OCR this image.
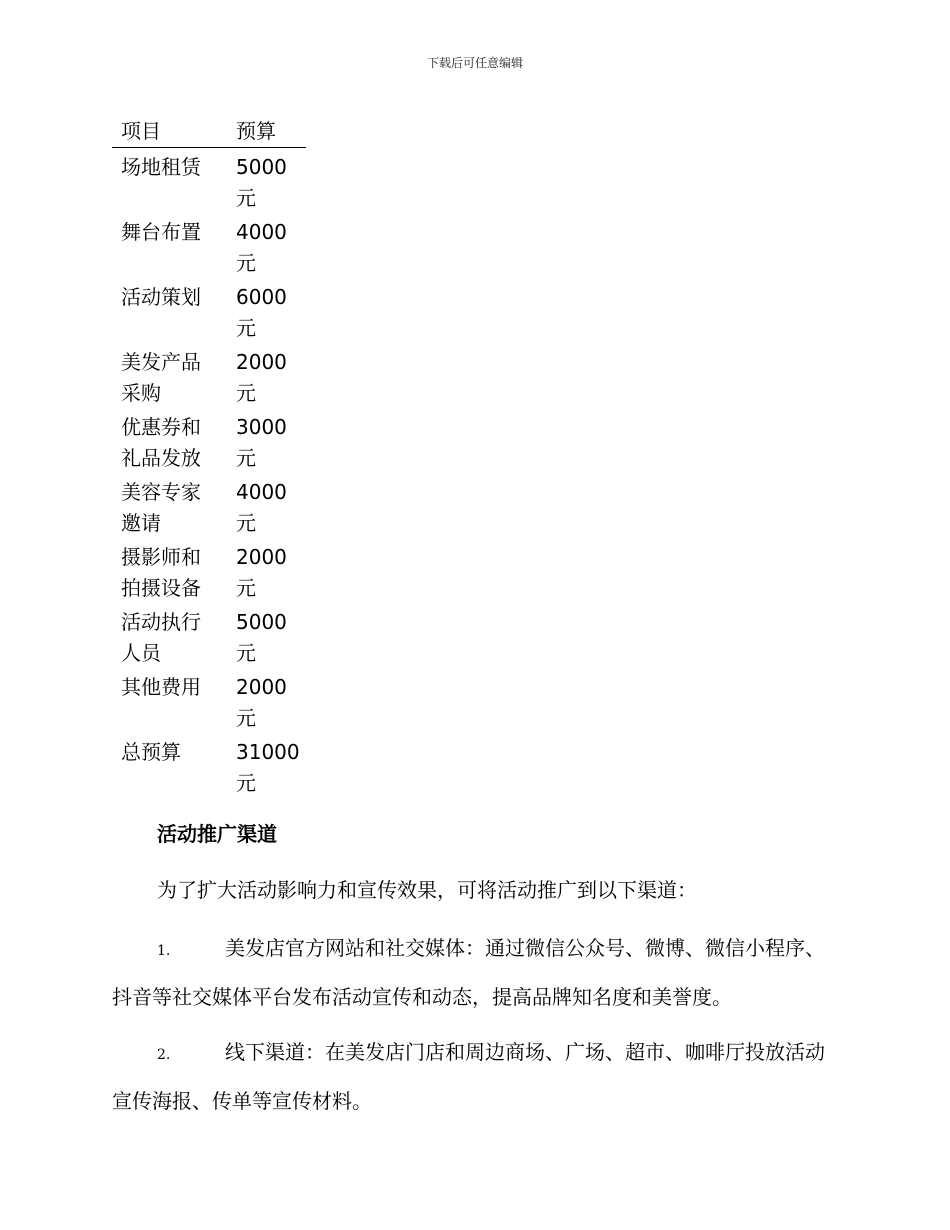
下载后可任意编辑
项目	预算

场地租赁	5000元

舞台布置	4000元

活动策划	6000元

美发产品采购	2000元

优惠券和礼品发放	3000元

美容专家邀请	4000元

摄影师和拍摄设备	2000元

活动执行人员	5000元

其他费用	2000元

总预算	31000元
活动推广渠道
为了扩大活动影响力和宣传效果，可将活动推广到以下渠道：
1.	美发店官方网站和社交媒体：通过微信公众号、微博、微信小程序、抖音等社交媒体平台发布活动宣传和动态，提高品牌知名度和美誉度。
2.	线下渠道：在美发店门店和周边商场、广场、超市、咖啡厅投放活动宣传海报、传单等宣传材料。
